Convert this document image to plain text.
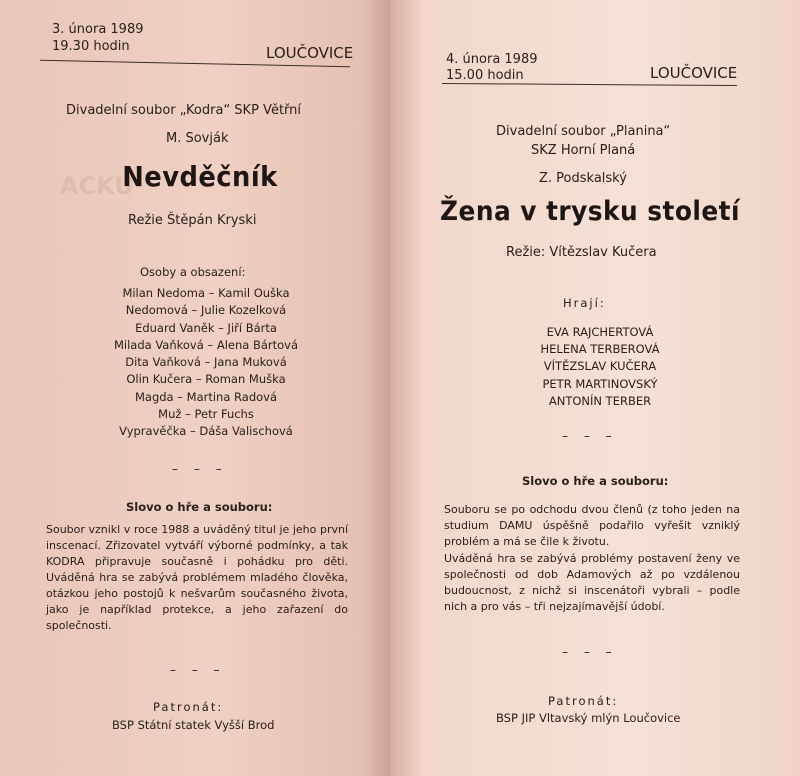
3. února 1989
19.30 hodin	LOUČOVICE
Divadelní soubor „Kodra“ SKP Větřní
M. Sovják
ACKU
Nevděčník
Režie Štěpán Kryski
Osoby a obsazení:
Milan Nedoma – Kamil Ouška
Nedomová – Julie Kozelková
Eduard Vaněk – Jiří Bárta
Milada Vaňková – Alena Bártová
Dita Vaňková – Jana Muková
Olin Kučera – Roman Muška
Magda – Martina Radová
Muž – Petr Fuchs
Vypravěčka – Dáša Valischová
– – –
Slovo o hře a souboru:
Soubor vznikl v roce 1988 a uváděný titul je jeho první inscenací. Zřizovatel vytváří výborné podmínky, a tak KODRA připravuje současně i pohádku pro děti. Uváděná hra se zabývá problémem mladého člověka, otázkou jeho postojů k nešvarům současného života, jako je například protekce, a jeho zařazení do společnosti.
– – –
Patronát:
BSP Státní statek Vyšší Brod
4. února 1989
15.00 hodin	LOUČOVICE
Divadelní soubor „Planina“
SKZ Horní Planá
Z. Podskalský
Žena v trysku století
Režie: Vítězslav Kučera
Hrají:
EVA RAJCHERTOVÁ
HELENA TERBEROVÁ
VÍTĚZSLAV KUČERA
PETR MARTINOVSKÝ
ANTONÍN TERBER
– – –
Slovo o hře a souboru:
Souboru se po odchodu dvou členů (z toho jeden na studium DAMU úspěšně podařilo vyřešit vzniklý problém a má se čile k životu.
Uváděná hra se zabývá problémy postavení ženy ve společnosti od dob Adamových až po vzdálenou budoucnost, z nichž si inscenátoři vybrali – podle nich a pro vás – tři nejzajímavější údobí.
– – –
Patronát:
BSP JIP Vltavský mlýn Loučovice
